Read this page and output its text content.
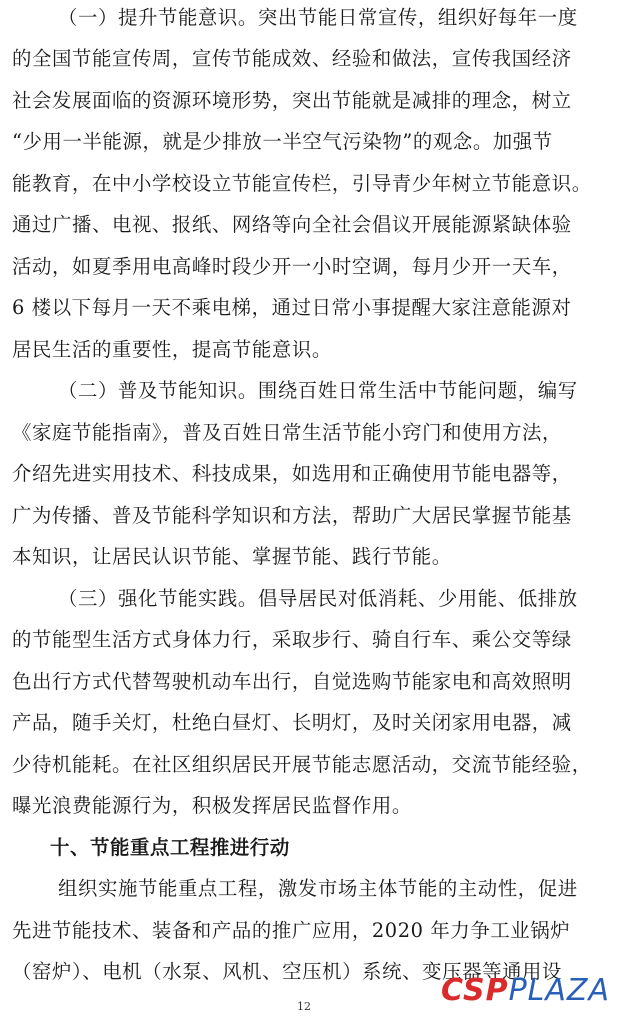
（一）提升节能意识。突出节能日常宣传，组织好每年一度
的全国节能宣传周，宣传节能成效、经验和做法，宣传我国经济
社会发展面临的资源环境形势，突出节能就是减排的理念，树立
“少用一半能源，就是少排放一半空气污染物”的观念。加强节
能教育，在中小学校设立节能宣传栏，引导青少年树立节能意识。
通过广播、电视、报纸、网络等向全社会倡议开展能源紧缺体验
活动，如夏季用电高峰时段少开一小时空调，每月少开一天车，
6 楼以下每月一天不乘电梯，通过日常小事提醒大家注意能源对
居民生活的重要性，提高节能意识。
（二）普及节能知识。围绕百姓日常生活中节能问题，编写
《家庭节能指南》，普及百姓日常生活节能小窍门和使用方法，
介绍先进实用技术、科技成果，如选用和正确使用节能电器等，
广为传播、普及节能科学知识和方法，帮助广大居民掌握节能基
本知识，让居民认识节能、掌握节能、践行节能。
（三）强化节能实践。倡导居民对低消耗、少用能、低排放
的节能型生活方式身体力行，采取步行、骑自行车、乘公交等绿
色出行方式代替驾驶机动车出行，自觉选购节能家电和高效照明
产品，随手关灯，杜绝白昼灯、长明灯，及时关闭家用电器，减
少待机能耗。在社区组织居民开展节能志愿活动，交流节能经验，
曝光浪费能源行为，积极发挥居民监督作用。
十、节能重点工程推进行动
组织实施节能重点工程，激发市场主体节能的主动性，促进
先进节能技术、装备和产品的推广应用，2020 年力争工业锅炉
（窑炉）、电机（水泵、风机、空压机）系统、变压器等通用设
12	CSP PLAZA
